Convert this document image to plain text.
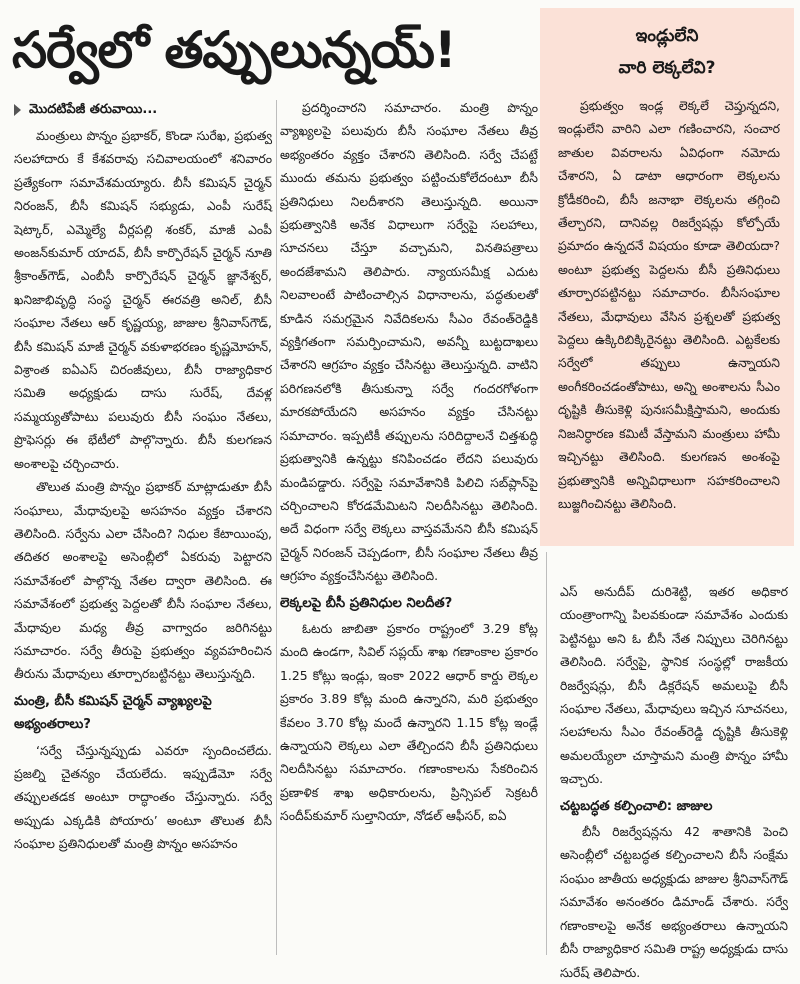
సర్వేలో తప్పులున్నయ్!
మొదటిపేజీ తరువాయి...

మంత్రులు పొన్నం ప్రభాకర్, కొండా సురేఖ, ప్రభుత్వ సలహాదారు కే కేశవరావు సచివాలయంలో శనివారం ప్రత్యేకంగా సమావేశమయ్యారు. బీసీ కమిషన్ చైర్మన్ నిరంజన్, బీసీ కమిషన్ సభ్యుడు, ఎంపీ సురేష్ షెట్కార్, ఎమ్మెల్యే వీర్లపల్లి శంకర్, మాజీ ఎంపీ అంజన్‌కుమార్ యాదవ్, బీసీ కార్పొరేషన్ చైర్మన్ నూతి శ్రీకాంత్‌గౌడ్, ఎంబీసీ కార్పొరేషన్ చైర్మన్ జ్ఞానేశ్వర్, ఖనిజాభివృద్ధి సంస్థ చైర్మన్ ఈరవత్రి అనిల్, బీసీ సంఘాల నేతలు ఆర్ కృష్ణయ్య, జాజుల శ్రీనివాస్‌గౌడ్, బీసీ కమిషన్ మాజీ చైర్మన్ వకుళాభరణం కృష్ణమోహన్, విశ్రాంత ఐఏఎస్ చిరంజీవులు, బీసీ రాజ్యాధికార సమితి అధ్యక్షుడు దాసు సురేష్, దేవళ్ల సమ్మయ్యతోపాటు పలువురు బీసీ సంఘం నేతలు, ప్రొఫెసర్లు ఈ భేటీలో పాల్గొన్నారు. బీసీ కులగణన అంశాలపై చర్చించారు.

తొలుత మంత్రి పొన్నం ప్రభాకర్ మాట్లాడుతూ బీసీ సంఘాలు, మేధావులపై అసహనం వ్యక్తం చేశారని తెలిసింది. సర్వేను ఎలా చేసింది? నిధుల కేటాయింపు, తదితర అంశాలపై అసెంబ్లీలో ఏకరువు పెట్టారని సమావేశంలో పాల్గొన్న నేతల ద్వారా తెలిసింది. ఈ సమావేశంలో ప్రభుత్వ పెద్దలతో బీసీ సంఘాల నేతలు, మేధావుల మధ్య తీవ్ర వాగ్వాదం జరిగినట్టు సమాచారం. సర్వే తీరుపై ప్రభుత్వం వ్యవహరించిన తీరును మేధావులు తూర్పారబట్టినట్టు తెలుస్తున్నది.

మంత్రి, బీసీ కమిషన్ చైర్మన్ వ్యాఖ్యలపై అభ్యంతరాలు?

‘సర్వే చేస్తున్నప్పుడు ఎవరూ స్పందించలేదు. ప్రజల్ని చైతన్యం చేయలేదు. ఇప్పుడేమో సర్వే తప్పులతడక అంటూ రాద్ధాంతం చేస్తున్నారు. సర్వే అప్పుడు ఎక్కడికి పోయారు’ అంటూ తొలుత బీసీ సంఘాల ప్రతినిధులతో మంత్రి పొన్నం అసహనం

ప్రదర్శించారని సమాచారం. మంత్రి పొన్నం వ్యాఖ్యలపై పలువురు బీసీ సంఘాల నేతలు తీవ్ర అభ్యంతరం వ్యక్తం చేశారని తెలిసింది. సర్వే చేపట్టే ముందు తమను ప్రభుత్వం పట్టించుకోలేదంటూ బీసీ ప్రతినిధులు నిలదీశారని తెలుస్తున్నది. అయినా ప్రభుత్వానికి అనేక విధాలుగా సర్వేపై సలహాలు, సూచనలు చేస్తూ వచ్చామని, వినతిపత్రాలు అందజేశామని తెలిపారు. న్యాయసమీక్ష ఎదుట నిలవాలంటే పాటించాల్సిన విధానాలను, పద్ధతులతో కూడిన సమగ్రమైన నివేదికలను సీఎం రేవంత్‌రెడ్డికి వ్యక్తిగతంగా సమర్పించామని, అవన్నీ బుట్టదాఖలు చేశారని ఆగ్రహం వ్యక్తం చేసినట్టు తెలుస్తున్నది. వాటిని పరిగణనలోకి తీసుకున్నా సర్వే గందరగోళంగా మారకపోయేదని అసహనం వ్యక్తం చేసినట్టు సమాచారం. ఇప్పటికీ తప్పులను సరిదిద్దాలనే చిత్తశుద్ధి ప్రభుత్వానికి ఉన్నట్టు కనిపించడం లేదని పలువురు మండిపడ్డారు. సర్వేపై సమావేశానికి పిలిచి సబ్‌ప్లాన్‌పై చర్చించాలని కోరడమేమిటని నిలదీసినట్టు తెలిసింది. అదే విధంగా సర్వే లెక్కలు వాస్తవమేనని బీసీ కమిషన్ చైర్మన్ నిరంజన్ చెప్పడంగా, బీసీ సంఘాల నేతలు తీవ్ర ఆగ్రహం వ్యక్తంచేసినట్టు తెలిసింది.

లెక్కలపై బీసీ ప్రతినిధుల నిలదీత?

ఓటరు జాబితా ప్రకారం రాష్ట్రంలో 3.29 కోట్ల మంది ఉండగా, సివిల్ సప్లయ్ శాఖ గణాంకాల ప్రకారం 1.25 కోట్లు ఇండ్లు, ఇంకా 2022 ఆధార్ కార్డు లెక్కల ప్రకారం 3.89 కోట్ల మంది ఉన్నారని, మరి ప్రభుత్వం కేవలం 3.70 కోట్ల మందే ఉన్నారని 1.15 కోట్ల ఇండ్లే ఉన్నాయని లెక్కలు ఎలా తేల్చిందని బీసీ ప్రతినిధులు నిలదీసినట్టు సమాచారం. గణాంకాలను సేకరించిన ప్రణాళిక శాఖ అధికారులను, ప్రిన్సిపల్ సెక్రటరీ సందీప్‌కుమార్ సుల్తానియా, నోడల్ ఆఫీసర్, ఐఏ

ఇండ్లులేని
వారి లెక్కలేవి?

ప్రభుత్వం ఇండ్ల లెక్కలే చెప్తున్నదని, ఇండ్లులేని వారిని ఎలా గణించారని, సంచార జాతుల వివరాలను ఏవిధంగా నమోదు చేశారని, ఏ డాటా ఆధారంగా లెక్కలను క్రోడీకరించి, బీసీ జనాభా లెక్కలను తగ్గించి తేల్చారని, దానివల్ల రిజర్వేషన్లు కోల్పోయే ప్రమాదం ఉన్నదనే విషయం కూడా తెలియదా? అంటూ ప్రభుత్వ పెద్దలను బీసీ ప్రతినిధులు తూర్పారపట్టినట్టు సమాచారం. బీసీసంఘాల నేతలు, మేధావులు వేసిన ప్రశ్నలతో ప్రభుత్వ పెద్దలు ఉక్కిరిబిక్కిరైనట్టు తెలిసింది. ఎట్టకేలకు సర్వేలో తప్పులు ఉన్నాయని అంగీకరించడంతోపాటు, అన్ని అంశాలను సీఎం దృష్టికి తీసుకెళ్లి పునఃసమీక్షిస్తామని, అందుకు నిజనిర్ధారణ కమిటీ వేస్తామని మంత్రులు హామీ ఇచ్చినట్టు తెలిసింది. కులగణన అంశంపై ప్రభుత్వానికి అన్నివిధాలుగా సహకరించాలని బుజ్జగించినట్టు తెలిసింది.

ఎస్ అనుదీప్ దురిశెట్టి, ఇతర అధికార యంత్రాంగాన్ని పిలవకుండా సమావేశం ఎందుకు పెట్టినట్టు అని ఓ బీసీ నేత నిప్పులు చెరిగినట్టు తెలిసింది. సర్వేపై, స్థానిక సంస్థల్లో రాజకీయ రిజర్వేషన్లు, బీసీ డిక్లరేషన్ అమలుపై బీసీ సంఘాల నేతలు, మేధావులు ఇచ్చిన సూచనలు, సలహాలను సీఎం రేవంత్‌రెడ్డి దృష్టికి తీసుకెళ్లి అమలయ్యేలా చూస్తామని మంత్రి పొన్నం హామీ ఇచ్చారు.

చట్టబద్ధత కల్పించాలి: జాజుల

బీసీ రిజర్వేషన్లను 42 శాతానికి పెంచి అసెంబ్లీలో చట్టబద్ధత కల్పించాలని బీసీ సంక్షేమ సంఘం జాతీయ అధ్యక్షుడు జాజుల శ్రీనివాస్‌గౌడ్ సమావేశం అనంతరం డిమాండ్ చేశారు. సర్వే గణాంకాలపై అనేక అభ్యంతరాలు ఉన్నాయని బీసీ రాజ్యాధికార సమితి రాష్ట్ర అధ్యక్షుడు దాసు సురేష్ తెలిపారు.
